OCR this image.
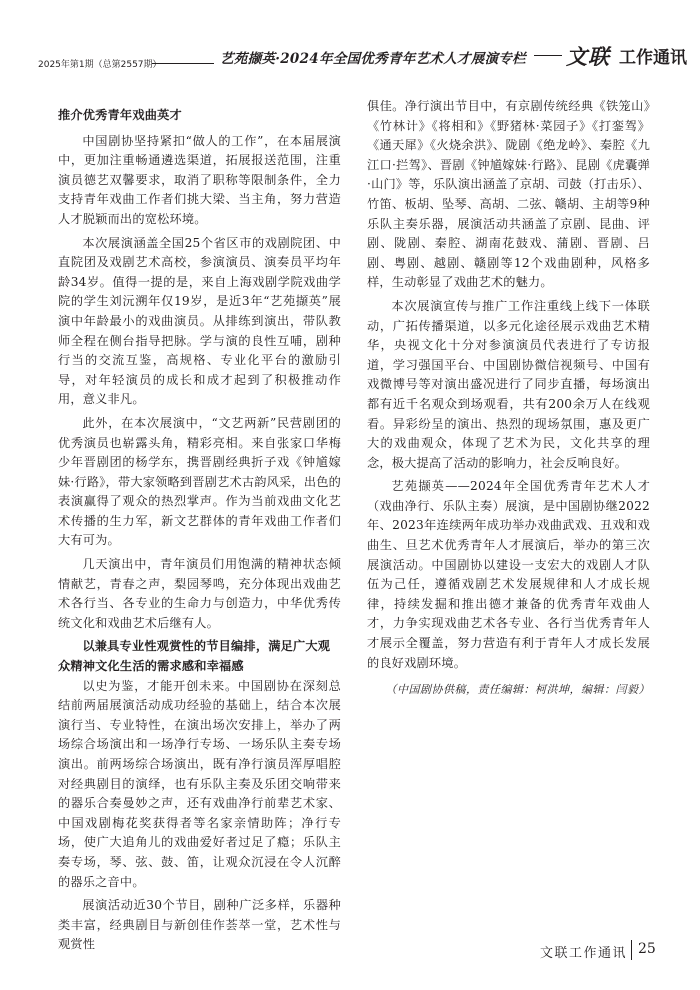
2025年第1期（总第2557期）	艺苑撷英·2024年全国优秀青年艺术人才展演专栏 文联 工作通讯
推介优秀青年戏曲英才

中国剧协坚持紧扣“做人的工作”，在本届展演中，更加注重畅通遴选渠道，拓展报送范围，注重演员德艺双馨要求，取消了职称等限制条件，全力支持青年戏曲工作者们挑大梁、当主角，努力营造人才脱颖而出的宽松环境。

本次展演涵盖全国25个省区市的戏剧院团、中直院团及戏剧艺术高校，参演演员、演奏员平均年龄34岁。值得一提的是，来自上海戏剧学院戏曲学院的学生刘沅溯年仅19岁，是近3年“艺苑撷英”展演中年龄最小的戏曲演员。从排练到演出，带队教师全程在侧台指导把脉。学与演的良性互哺，剧种行当的交流互鉴，高规格、专业化平台的激励引导，对年轻演员的成长和成才起到了积极推动作用，意义非凡。

此外，在本次展演中，“文艺两新”民营剧团的优秀演员也崭露头角，精彩亮相。来自张家口华梅少年晋剧团的杨学东，携晋剧经典折子戏《钟馗嫁妹·行路》，带大家领略到晋剧艺术古韵风采，出色的表演赢得了观众的热烈掌声。作为当前戏曲文化艺术传播的生力军，新文艺群体的青年戏曲工作者们大有可为。

几天演出中，青年演员们用饱满的精神状态倾情献艺，青春之声，梨园琴鸣，充分体现出戏曲艺术各行当、各专业的生命力与创造力，中华优秀传统文化和戏曲艺术后继有人。

以兼具专业性观赏性的节目编排，满足广大观众精神文化生活的需求感和幸福感

以史为鉴，才能开创未来。中国剧协在深刻总结前两届展演活动成功经验的基础上，结合本次展演行当、专业特性，在演出场次安排上，举办了两场综合场演出和一场净行专场、一场乐队主奏专场演出。前两场综合场演出，既有净行演员浑厚唱腔对经典剧目的演绎，也有乐队主奏及乐团交响带来的器乐合奏曼妙之声，还有戏曲净行前辈艺术家、中国戏剧梅花奖获得者等名家亲情助阵；净行专场，使广大追角儿的戏曲爱好者过足了瘾；乐队主奏专场，琴、弦、鼓、笛，让观众沉浸在令人沉醉的器乐之音中。

展演活动近30个节目，剧种广泛多样，乐器种类丰富，经典剧目与新创佳作荟萃一堂，艺术性与观赏性

俱佳。净行演出节目中，有京剧传统经典《铁笼山》《竹林计》《将相和》《野猪林·菜园子》《打銮驾》《通天犀》《火烧余洪》、陇剧《绝龙岭》、秦腔《九江口·拦驾》、晋剧《钟馗嫁妹·行路》、昆剧《虎囊弹·山门》等，乐队演出涵盖了京胡、司鼓（打击乐）、竹笛、板胡、坠琴、高胡、二弦、赣胡、主胡等9种乐队主奏乐器，展演活动共涵盖了京剧、昆曲、评剧、陇剧、秦腔、湖南花鼓戏、蒲剧、晋剧、吕剧、粤剧、越剧、赣剧等12个戏曲剧种，风格多样，生动彰显了戏曲艺术的魅力。

本次展演宣传与推广工作注重线上线下一体联动，广拓传播渠道，以多元化途径展示戏曲艺术精华，央视文化十分对参演演员代表进行了专访报道，学习强国平台、中国剧协微信视频号、中国有戏微博号等对演出盛况进行了同步直播，每场演出都有近千名观众到场观看，共有200余万人在线观看。异彩纷呈的演出、热烈的现场氛围，惠及更广大的戏曲观众，体现了艺术为民，文化共享的理念，极大提高了活动的影响力，社会反响良好。

艺苑撷英——2024年全国优秀青年艺术人才（戏曲净行、乐队主奏）展演，是中国剧协继2022年、2023年连续两年成功举办戏曲武戏、丑戏和戏曲生、旦艺术优秀青年人才展演后，举办的第三次展演活动。中国剧协以建设一支宏大的戏剧人才队伍为己任，遵循戏剧艺术发展规律和人才成长规律，持续发掘和推出德才兼备的优秀青年戏曲人才，力争实现戏曲艺术各专业、各行当优秀青年人才展示全覆盖，努力营造有利于青年人才成长发展的良好戏剧环境。

（中国剧协供稿，责任编辑：柯洪坤，编辑：闫毅）

文联工作通讯 25
